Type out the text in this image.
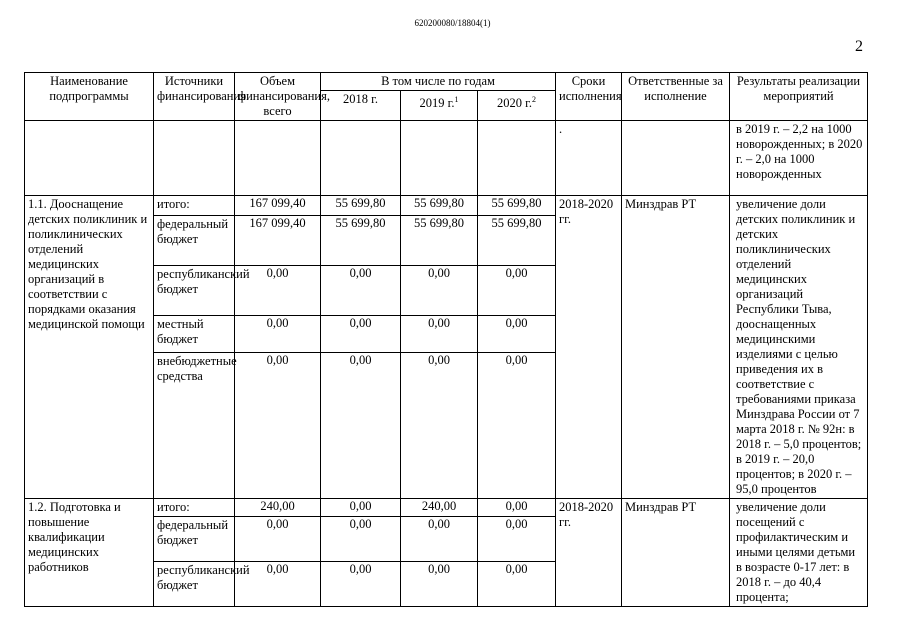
620200080/18804(1)
2
Наименование подпрограммы	Источники финансирования	Объем финансирования, всего	В том числе по годам			Сроки исполнения	Ответственные за исполнение	Результаты реализации мероприятий
			2018 г.	2019 г.$^1$	2020 г.$^2$
						.		в 2019 г. – 2,2 на 1000 новорожденных; в 2020 г. – 2,0 на 1000 новорожденных
1.1. Дооснащение детских поликлиник и поликлинических отделений медицинских организаций в соответствии с порядками оказания медицинской помощи	итого:	167 099,40	55 699,80	55 699,80	55 699,80	2018-2020 гг.	Минздрав РТ	увеличение доли детских поликлиник и детских поликлинических отделений медицинских организаций Республики Тыва, дооснащенных медицинскими изделиями с целью приведения их в соответствие с требованиями приказа Минздрава России от 7 марта 2018 г. № 92н: в 2018 г. – 5,0 процентов; в 2019 г. – 20,0 процентов; в 2020 г. – 95,0 процентов
	федеральный бюджет	167 099,40	55 699,80	55 699,80	55 699,80			
	республиканский бюджет	0,00	0,00	0,00	0,00			
	местный бюджет	0,00	0,00	0,00	0,00			
	внебюджетные средства	0,00	0,00	0,00	0,00			
1.2. Подготовка и повышение квалификации медицинских работников	итого:	240,00	0,00	240,00	0,00	2018-2020 гг.	Минздрав РТ	увеличение доли посещений с профилактическим и иными целями детьми в возрасте 0-17 лет: в 2018 г. – до 40,4 процента;
	федеральный бюджет	0,00	0,00	0,00	0,00			
	республиканский бюджет	0,00	0,00	0,00	0,00			
